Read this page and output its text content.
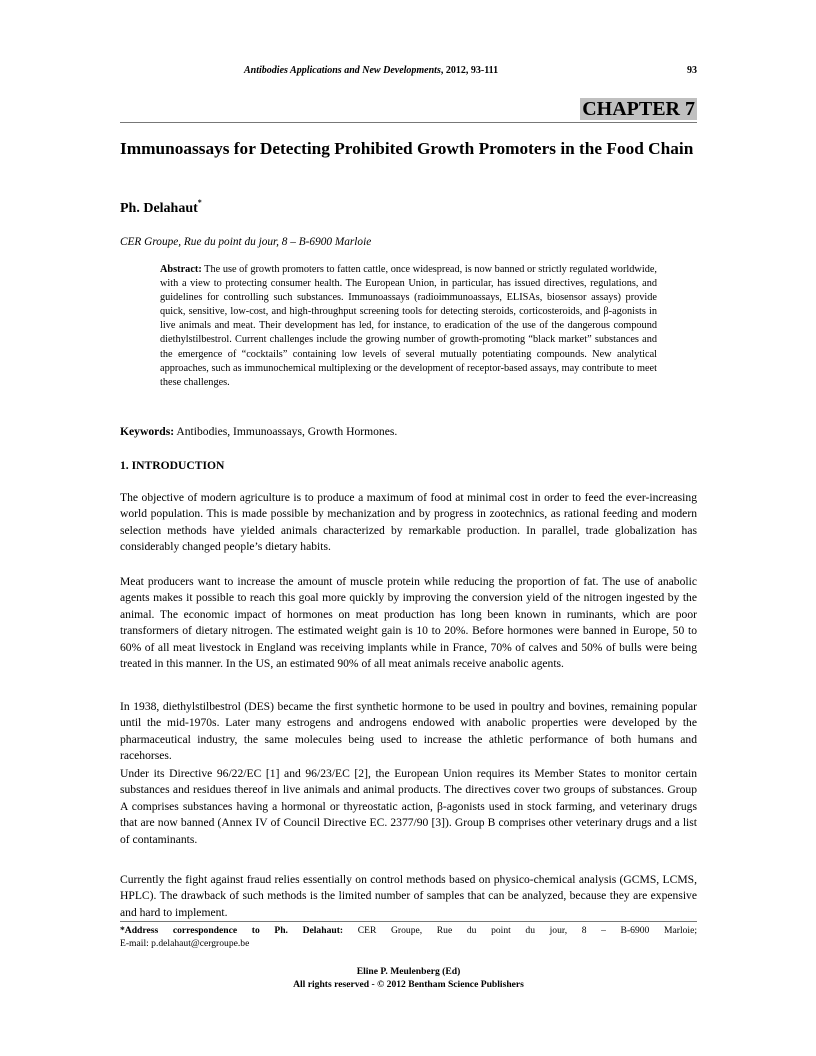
Antibodies Applications and New Developments, 2012, 93-111	93
CHAPTER 7
Immunoassays for Detecting Prohibited Growth Promoters in the Food Chain
Ph. Delahaut*
CER Groupe, Rue du point du jour, 8 – B-6900 Marloie

Abstract: The use of growth promoters to fatten cattle, once widespread, is now banned or strictly regulated worldwide, with a view to protecting consumer health. The European Union, in particular, has issued directives, regulations, and guidelines for controlling such substances. Immunoassays (radioimmunoassays, ELISAs, biosensor assays) provide quick, sensitive, low-cost, and high-throughput screening tools for detecting steroids, corticosteroids, and β-agonists in live animals and meat. Their development has led, for instance, to eradication of the use of the dangerous compound diethylstilbestrol. Current challenges include the growing number of growth-promoting “black market” substances and the emergence of “cocktails” containing low levels of several mutually potentiating compounds. New analytical approaches, such as immunochemical multiplexing or the development of receptor-based assays, may contribute to meet these challenges.

Keywords: Antibodies, Immunoassays, Growth Hormones.
1. INTRODUCTION

The objective of modern agriculture is to produce a maximum of food at minimal cost in order to feed the ever-increasing world population. This is made possible by mechanization and by progress in zootechnics, as rational feeding and modern selection methods have yielded animals characterized by remarkable production. In parallel, trade globalization has considerably changed people’s dietary habits.

Meat producers want to increase the amount of muscle protein while reducing the proportion of fat. The use of anabolic agents makes it possible to reach this goal more quickly by improving the conversion yield of the nitrogen ingested by the animal. The economic impact of hormones on meat production has long been known in ruminants, which are poor transformers of dietary nitrogen. The estimated weight gain is 10 to 20%. Before hormones were banned in Europe, 50 to 60% of all meat livestock in England was receiving implants while in France, 70% of calves and 50% of bulls were being treated in this manner. In the US, an estimated 90% of all meat animals receive anabolic agents.

In 1938, diethylstilbestrol (DES) became the first synthetic hormone to be used in poultry and bovines, remaining popular until the mid-1970s. Later many estrogens and androgens endowed with anabolic properties were developed by the pharmaceutical industry, the same molecules being used to increase the athletic performance of both humans and racehorses.

Under its Directive 96/22/EC [1] and 96/23/EC [2], the European Union requires its Member States to monitor certain substances and residues thereof in live animals and animal products. The directives cover two groups of substances. Group A comprises substances having a hormonal or thyreostatic action, β-agonists used in stock farming, and veterinary drugs that are now banned (Annex IV of Council Directive EC. 2377/90 [3]). Group B comprises other veterinary drugs and a list of contaminants.

Currently the fight against fraud relies essentially on control methods based on physico-chemical analysis (GCMS, LCMS, HPLC). The drawback of such methods is the limited number of samples that can be analyzed, because they are expensive and hard to implement.

*Address correspondence to Ph. Delahaut: CER Groupe, Rue du point du jour, 8 – B-6900 Marloie;
E-mail: p.delahaut@cergroupe.be

Eline P. Meulenberg (Ed)
All rights reserved - © 2012 Bentham Science Publishers
